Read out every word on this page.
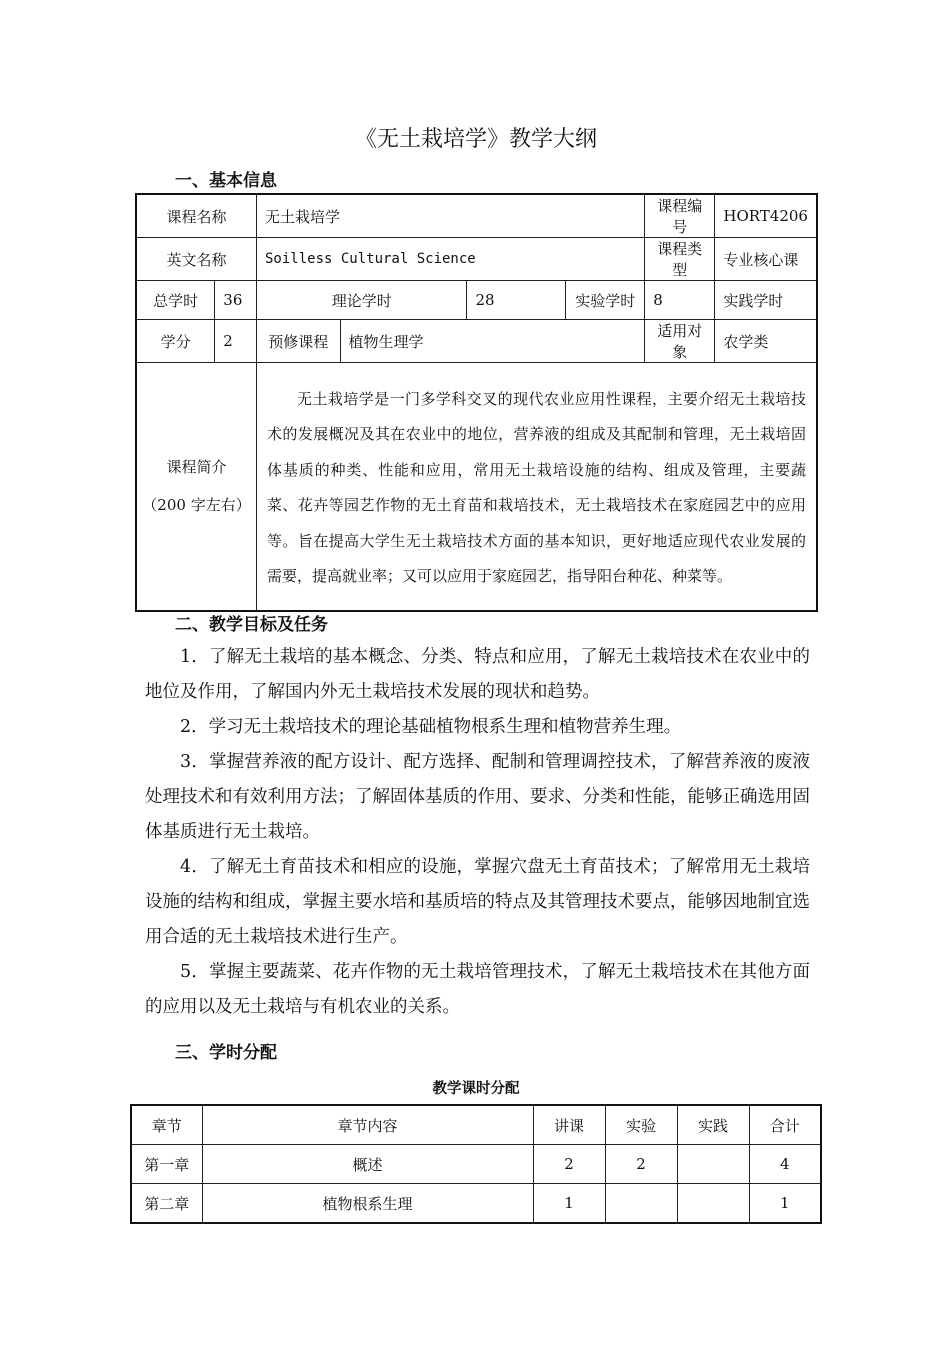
《无土栽培学》教学大纲
一、基本信息
课程名称		无土栽培学				课程编号	HORT4206
英文名称		Soilless Cultural Science				课程类型	专业核心课
总学时	36	理论学时		28	实验学时	8	实践学时
学分	2	预修课程	植物生理学			适用对象	农学类

课程简介
（200 字左右）		无土栽培学是一门多学科交叉的现代农业应用性课程，主要介绍无土栽培技术的发展概况及其在农业中的地位，营养液的组成及其配制和管理，无土栽培固体基质的种类、性能和应用，常用无土栽培设施的结构、组成及管理，主要蔬菜、花卉等园艺作物的无土育苗和栽培技术，无土栽培技术在家庭园艺中的应用等。旨在提高大学生无土栽培技术方面的基本知识，更好地适应现代农业发展的需要，提高就业率；又可以应用于家庭园艺，指导阳台种花、种菜等。					
二、教学目标及任务

1．了解无土栽培的基本概念、分类、特点和应用，了解无土栽培技术在农业中的地位及作用，了解国内外无土栽培技术发展的现状和趋势。

2．学习无土栽培技术的理论基础植物根系生理和植物营养生理。

3．掌握营养液的配方设计、配方选择、配制和管理调控技术，了解营养液的废液处理技术和有效利用方法；了解固体基质的作用、要求、分类和性能，能够正确选用固体基质进行无土栽培。

4．了解无土育苗技术和相应的设施，掌握穴盘无土育苗技术；了解常用无土栽培设施的结构和组成，掌握主要水培和基质培的特点及其管理技术要点，能够因地制宜选用合适的无土栽培技术进行生产。

5．掌握主要蔬菜、花卉作物的无土栽培管理技术，了解无土栽培技术在其他方面的应用以及无土栽培与有机农业的关系。

三、学时分配
教学课时分配
章节	章节内容	讲课	实验	实践	合计
第一章	概述	2	2		4
第二章	植物根系生理	1			1
